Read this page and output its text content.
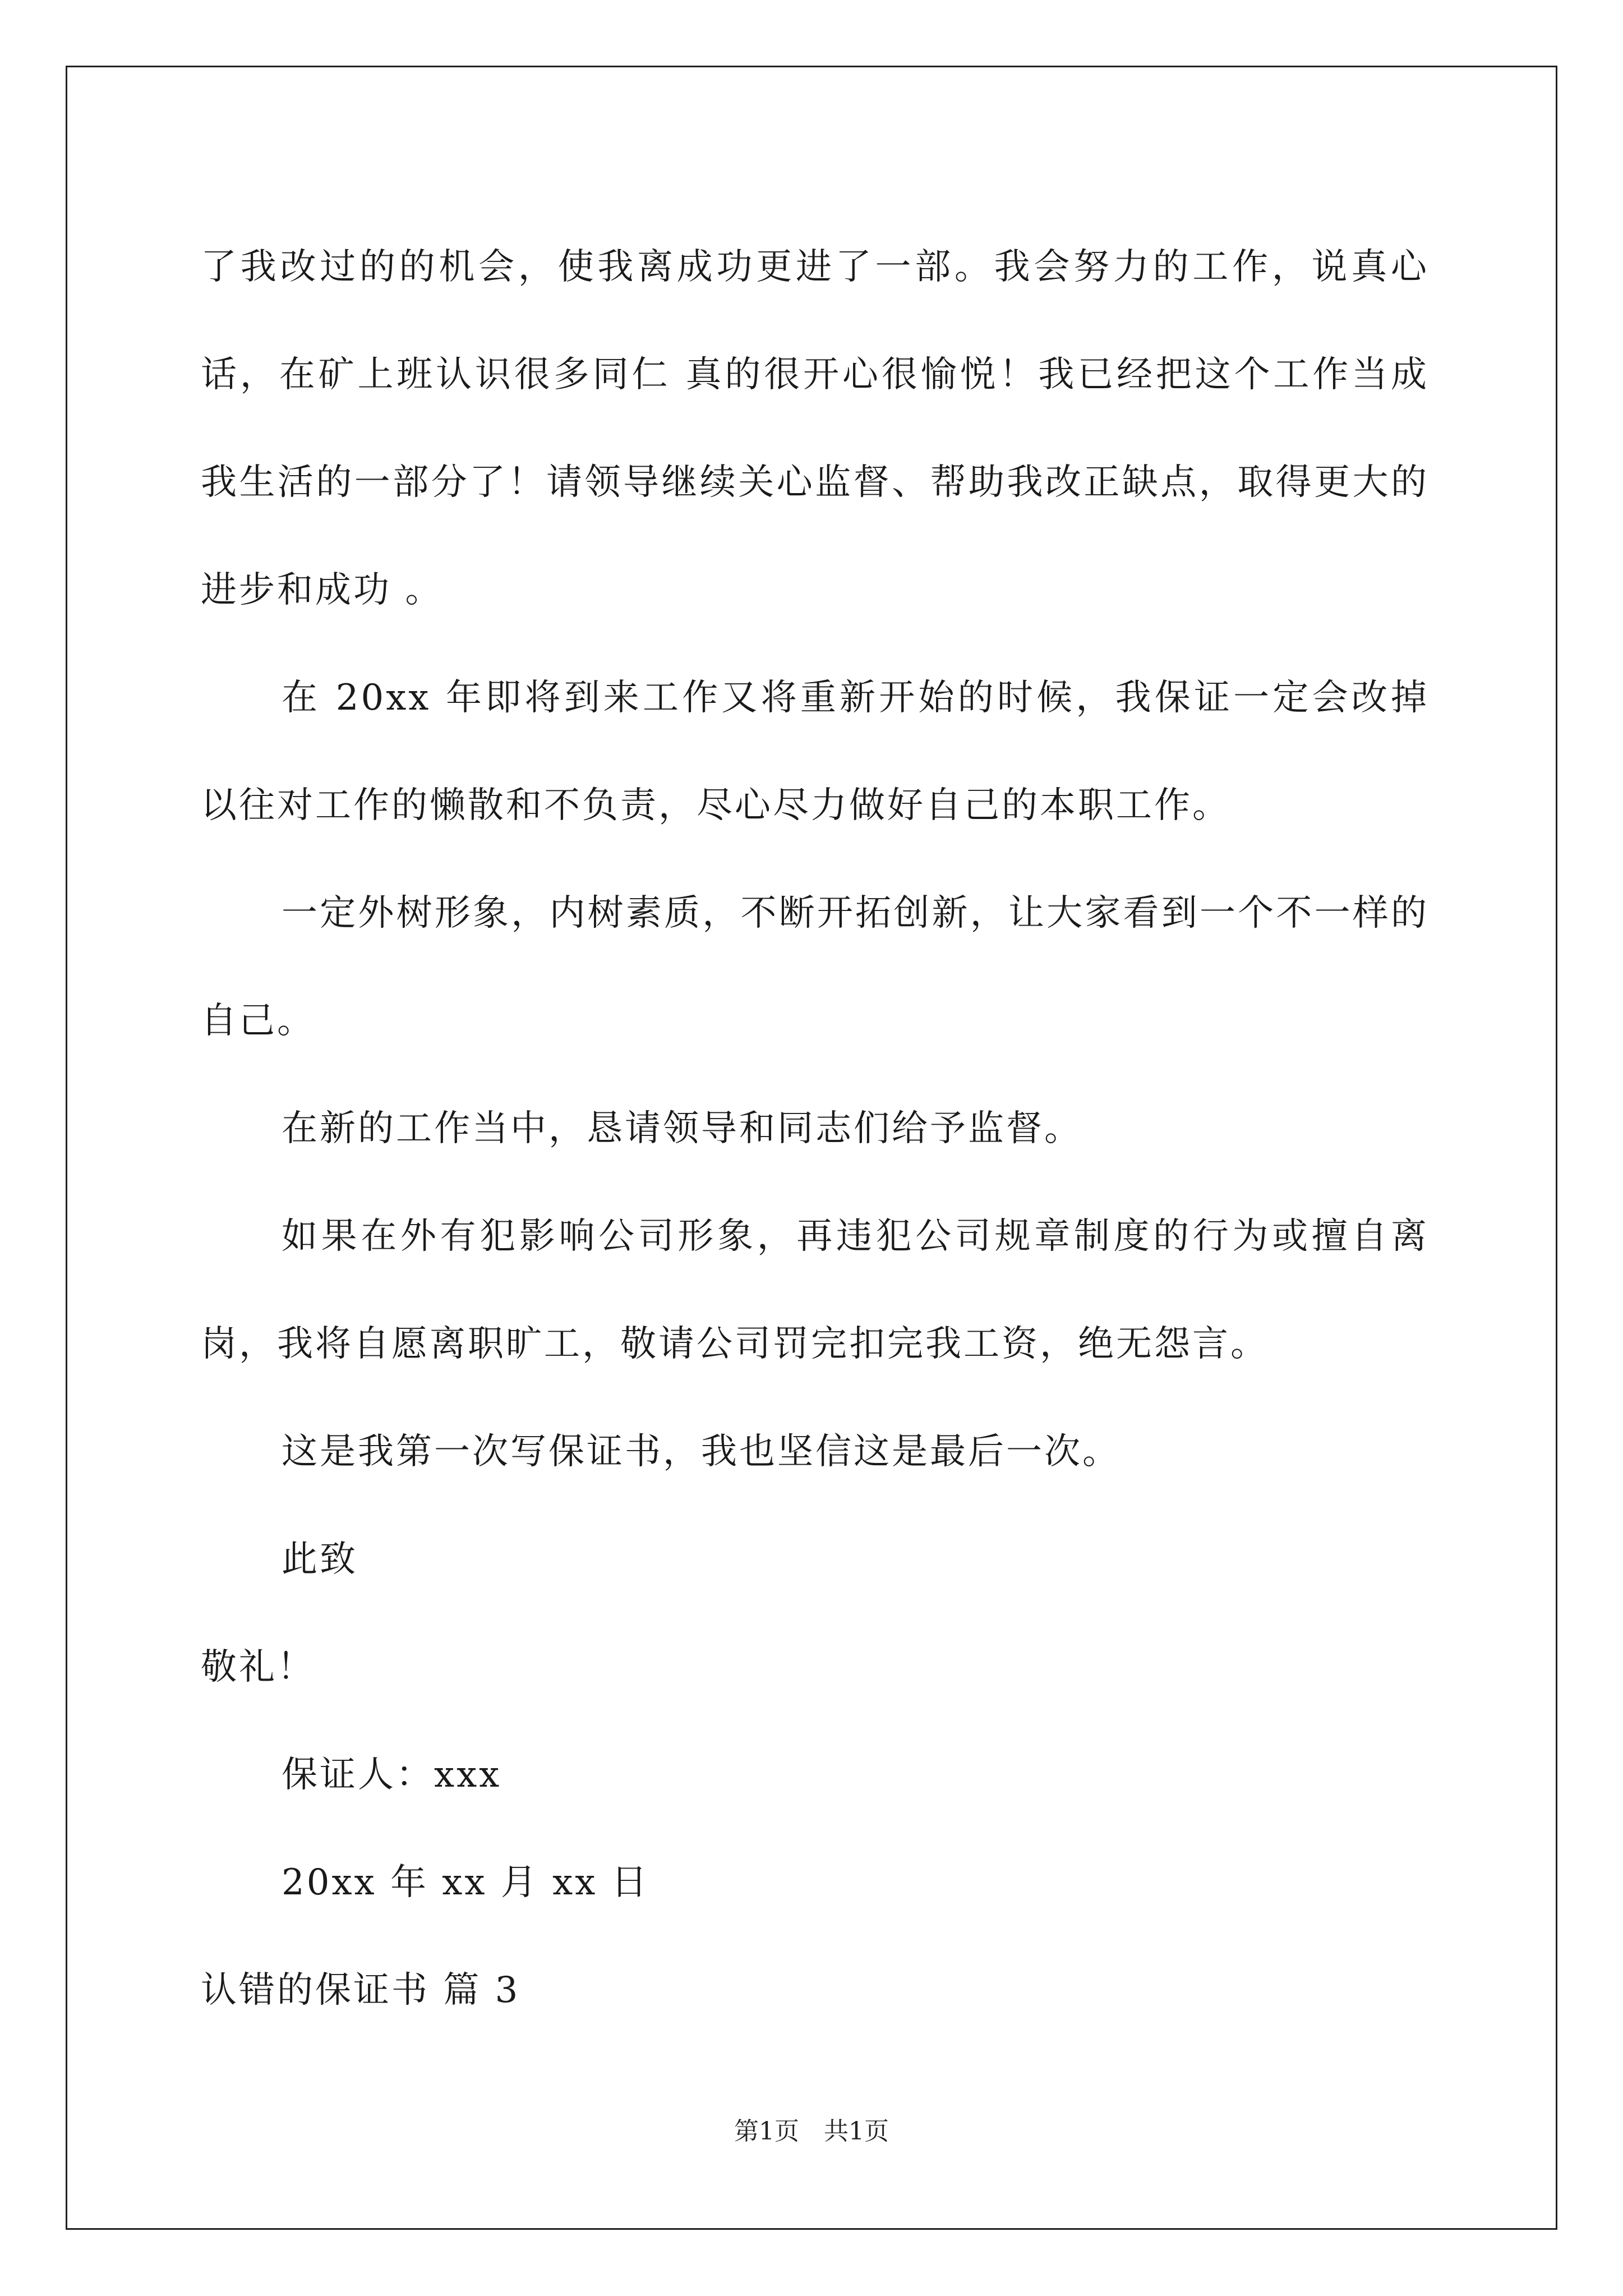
了我改过的的机会，使我离成功更进了一部。我会努力的工作，说真心话，在矿上班认识很多同仁 真的很开心很愉悦！我已经把这个工作当成我生活的一部分了！请领导继续关心监督、帮助我改正缺点，取得更大的进步和成功 。

在 20xx 年即将到来工作又将重新开始的时候，我保证一定会改掉以往对工作的懒散和不负责，尽心尽力做好自己的本职工作。

一定外树形象，内树素质，不断开拓创新，让大家看到一个不一样的自己。

在新的工作当中，恳请领导和同志们给予监督。

如果在外有犯影响公司形象，再违犯公司规章制度的行为或擅自离岗，我将自愿离职旷工，敬请公司罚完扣完我工资，绝无怨言。

这是我第一次写保证书，我也坚信这是最后一次。

此致

敬礼！

保证人：xxx

20xx 年 xx 月 xx 日

认错的保证书 篇 3

第1页　共1页
